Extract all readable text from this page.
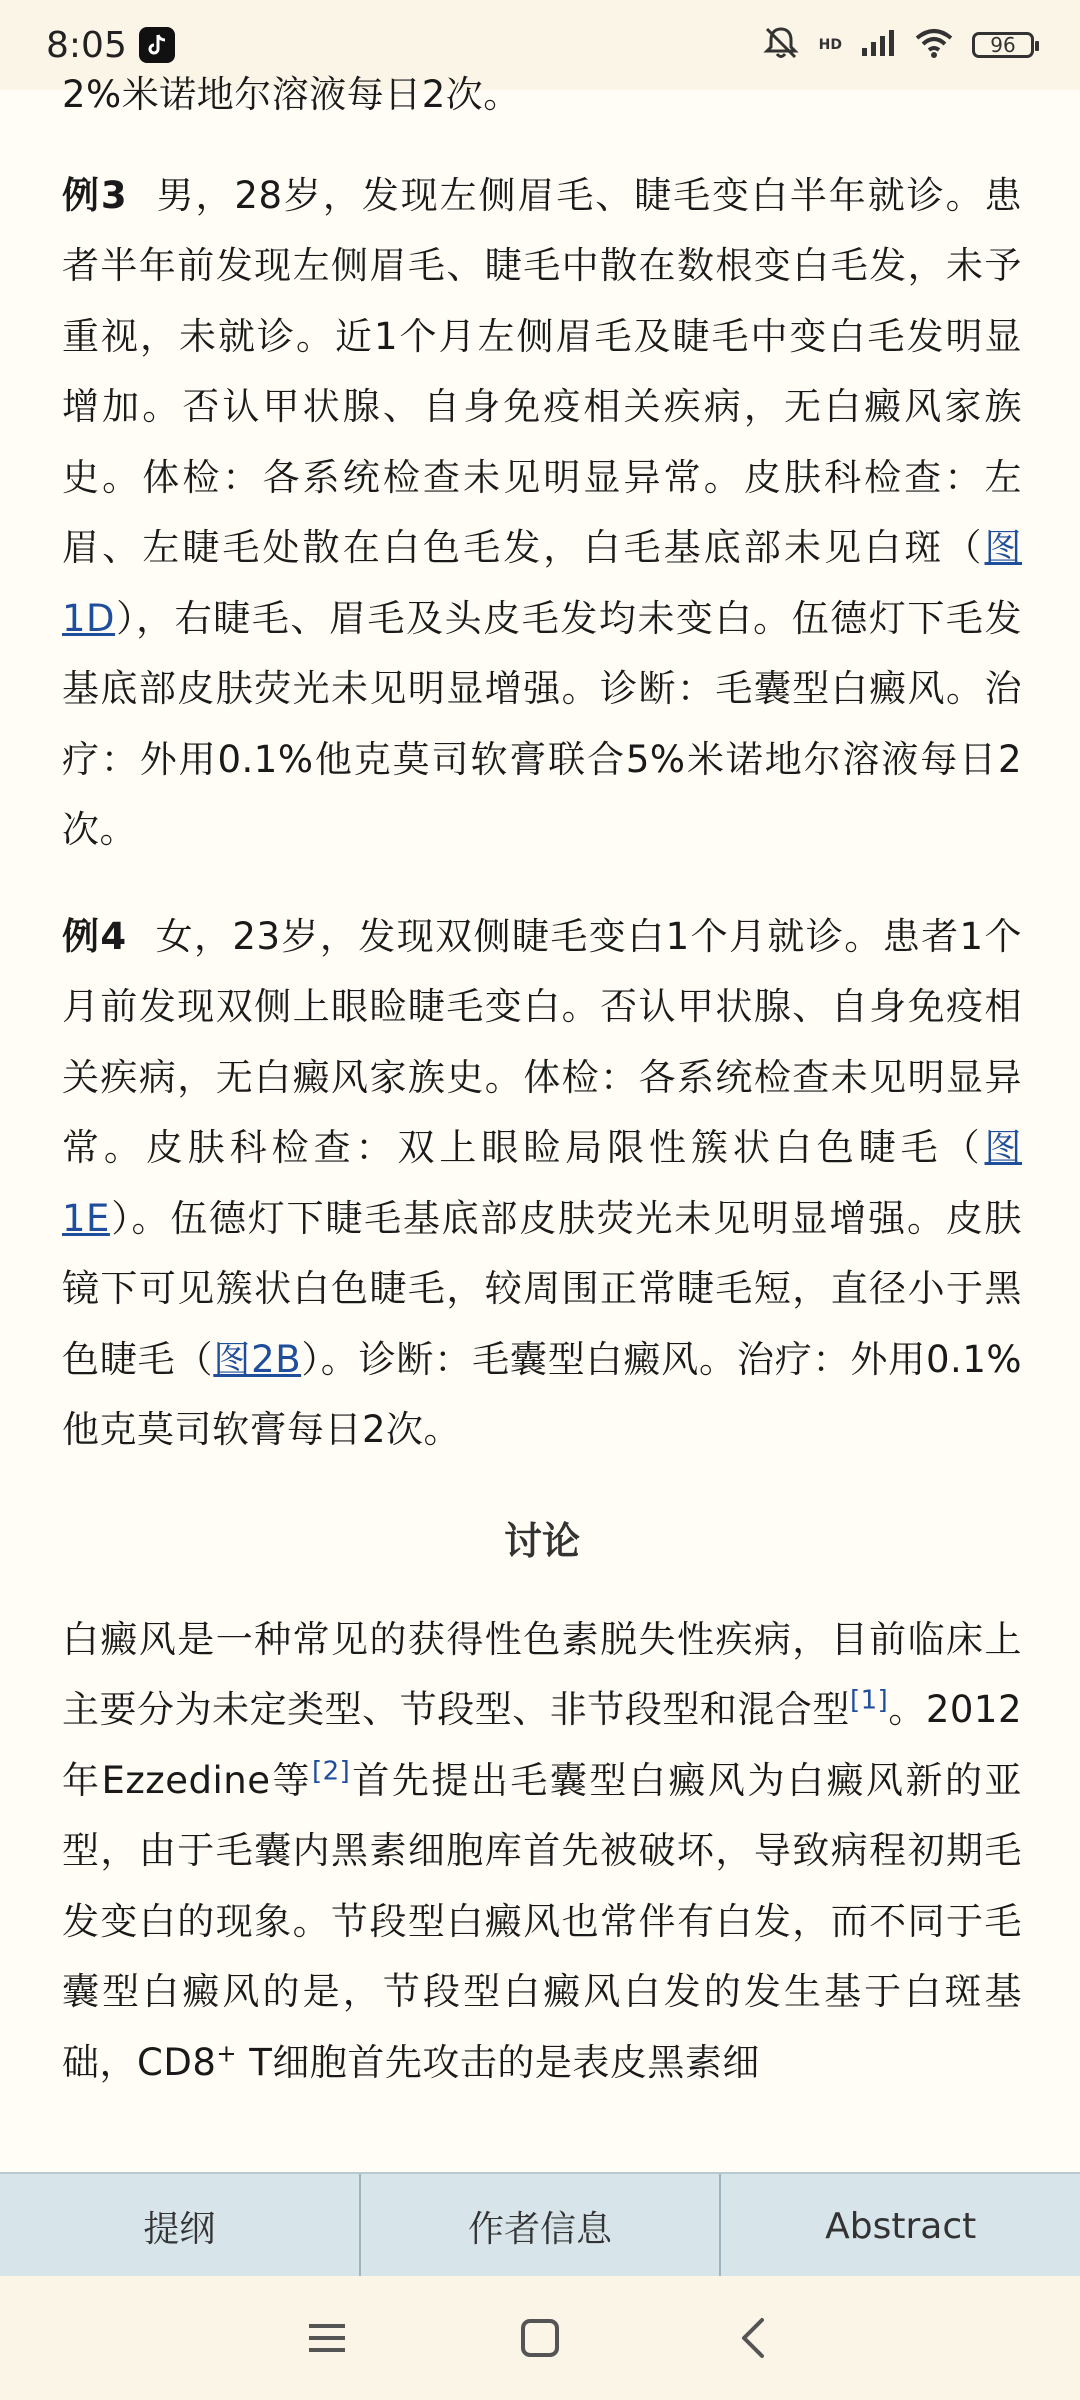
8:05	HD	96

2%米诺地尔溶液每日2次。

例3 男，28岁，发现左侧眉毛、睫毛变白半年就诊。患者半年前发现左侧眉毛、睫毛中散在数根变白毛发，未予重视，未就诊。近1个月左侧眉毛及睫毛中变白毛发明显增加。否认甲状腺、自身免疫相关疾病，无白癜风家族史。体检：各系统检查未见明显异常。皮肤科检查：左眉、左睫毛处散在白色毛发，白毛基底部未见白斑（图1D），右睫毛、眉毛及头皮毛发均未变白。伍德灯下毛发基底部皮肤荧光未见明显增强。诊断：毛囊型白癜风。治疗：外用0.1%他克莫司软膏联合5%米诺地尔溶液每日2次。

例4 女，23岁，发现双侧睫毛变白1个月就诊。患者1个月前发现双侧上眼睑睫毛变白。否认甲状腺、自身免疫相关疾病，无白癜风家族史。体检：各系统检查未见明显异常。皮肤科检查：双上眼睑局限性簇状白色睫毛（图1E）。伍德灯下睫毛基底部皮肤荧光未见明显增强。皮肤镜下可见簇状白色睫毛，较周围正常睫毛短，直径小于黑色睫毛（图2B）。诊断：毛囊型白癜风。治疗：外用0.1%他克莫司软膏每日2次。

讨论

白癜风是一种常见的获得性色素脱失性疾病，目前临床上主要分为未定类型、节段型、非节段型和混合型[1]。2012年Ezzedine等[2]首先提出毛囊型白癜风为白癜风新的亚型，由于毛囊内黑素细胞库首先被破坏，导致病程初期毛发变白的现象。节段型白癜风也常伴有白发，而不同于毛囊型白癜风的是，节段型白癜风白发的发生基于白斑基础，CD8+ T细胞首先攻击的是表皮黑素细

提纲	作者信息	Abstract
